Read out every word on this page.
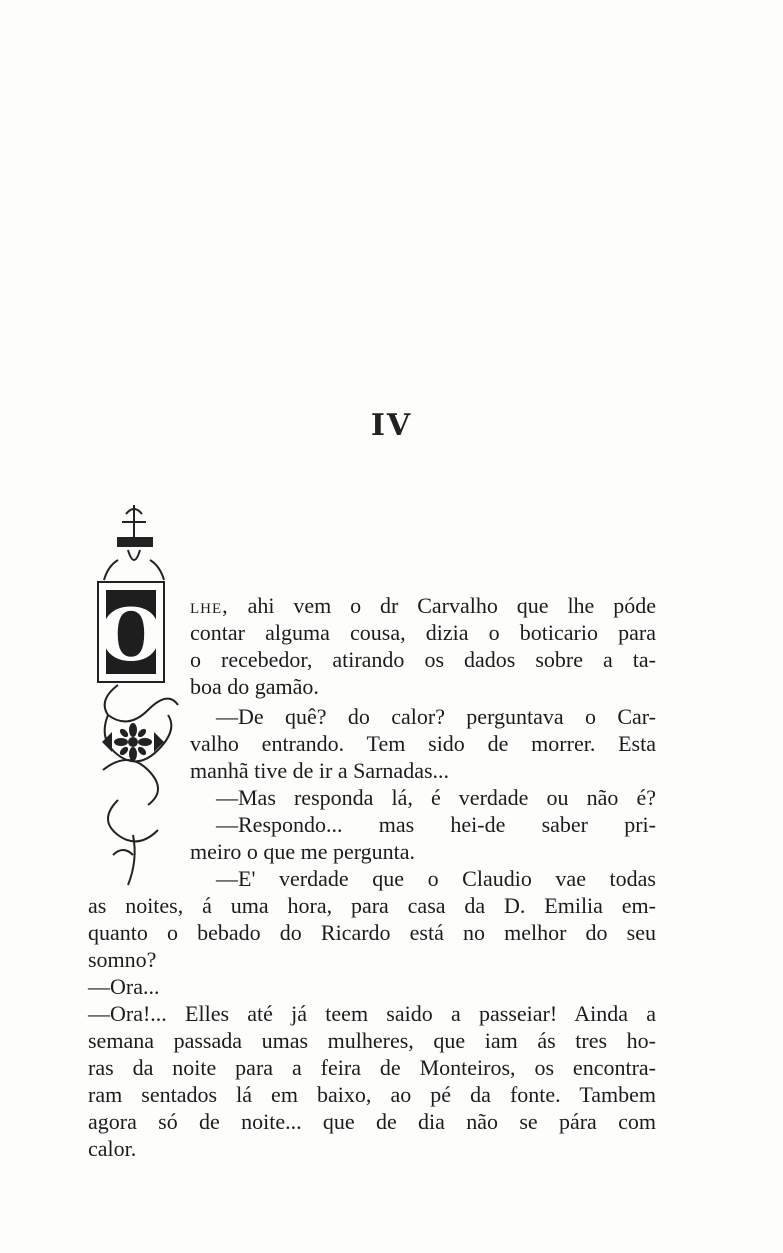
IV
O lhe, ahi vem o dr Carvalho que lhe póde
contar alguma cousa, dizia o boticario para
o recebedor, atirando os dados sobre a ta-
boa do gamão.
—De quê? do calor? perguntava o Car-
valho entrando. Tem sido de morrer. Esta
manhã tive de ir a Sarnadas...
—Mas responda lá, é verdade ou não é?
—Respondo... mas hei-de saber pri-
meiro o que me pergunta.
—E' verdade que o Claudio vae todas
as noites, á uma hora, para casa da D. Emilia em-
quanto o bebado do Ricardo está no melhor do seu
somno?
—Ora...
—Ora!... Elles até já teem saido a passeiar! Ainda a
semana passada umas mulheres, que iam ás tres ho-
ras da noite para a feira de Monteiros, os encontra-
ram sentados lá em baixo, ao pé da fonte. Tambem
agora só de noite... que de dia não se pára com
calor.
